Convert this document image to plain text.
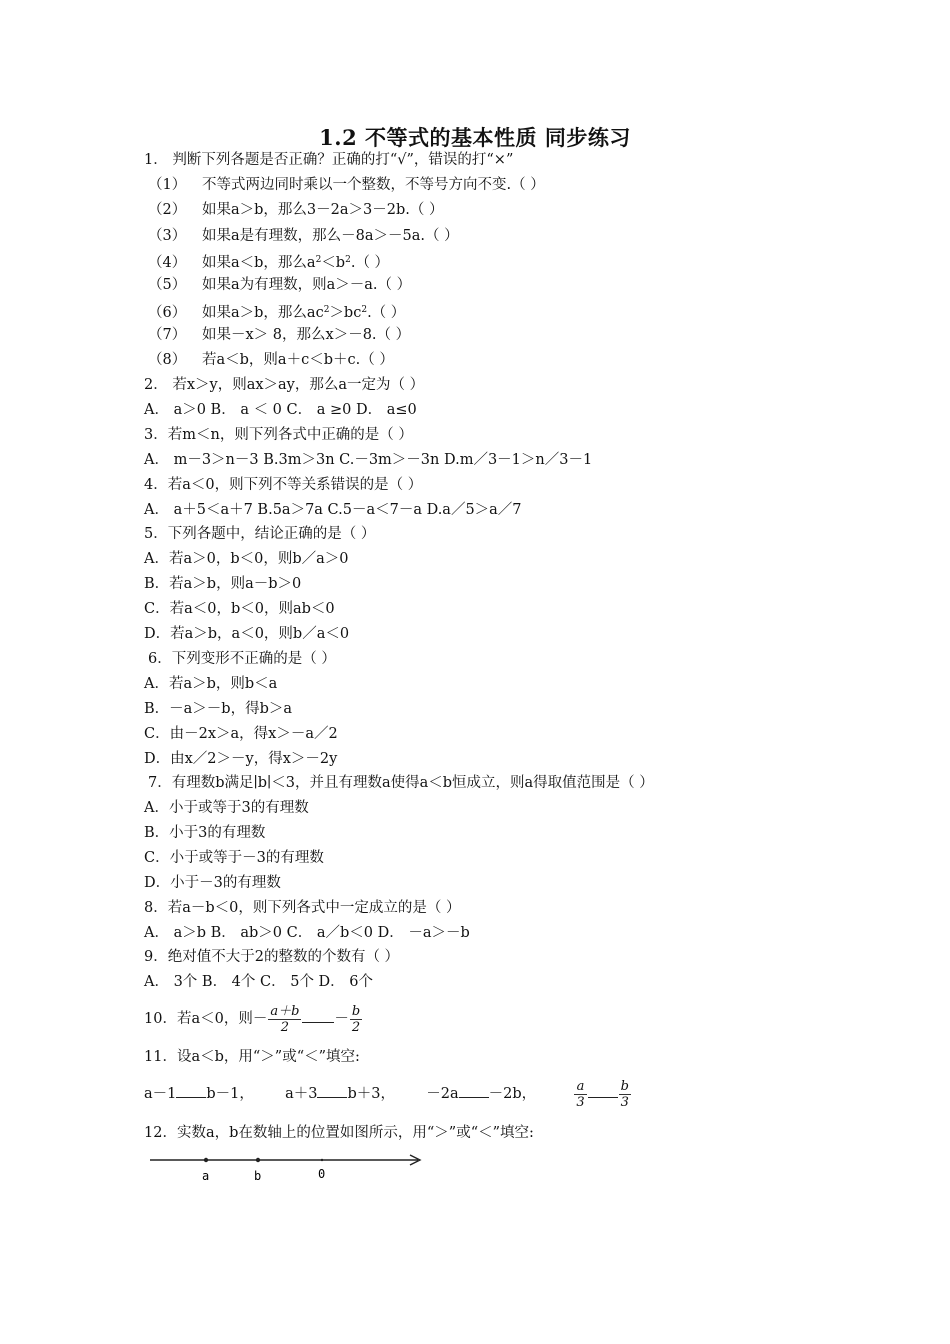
1.2 不等式的基本性质 同步练习
1． 判断下列各题是否正确？正确的打“√”，错误的打“×”
（1） 不等式两边同时乘以一个整数，不等号方向不变.（ ）
（2） 如果a＞b，那么3－2a＞3－2b.（ ）
（3） 如果a是有理数，那么－8a＞－5a.（ ）
（4） 如果a＜b，那么$a^2<b^2$.（ ）
（5） 如果a为有理数，则a＞－a.（ ）
（6） 如果a＞b，那么$ac^2>bc^2$.（ ）
（7） 如果－x＞ 8，那么x＞－8.（ ）
（8） 若a＜b，则a＋c＜b＋c.（ ）
2． 若x＞y，则ax＞ay，那么a一定为（ ）
A． a＞0 B． a ＜ 0 C． a ≥0 D． a≤0
3．若m＜n，则下列各式中正确的是（ ）
A． m－3＞n－3 B.3m＞3n C.－3m＞－3n D.m／3－1＞n／3－1
4．若a＜0，则下列不等关系错误的是（ ）
A． a＋5＜a＋7 B.5a＞7a C.5－a＜7－a D.a／5＞a／7
5．下列各题中，结论正确的是（ ）
A．若a＞0，b＜0，则b／a＞0
B．若a＞b，则a－b＞0
C．若a＜0，b＜0，则ab＜0
D．若a＞b，a＜0，则b／a＜0
6．下列变形不正确的是（ ）
A．若a＞b，则b＜a
B．－a＞－b，得b＞a
C．由－2x＞a，得x＞－a／2
D．由x／2＞－y，得x＞－2y
7．有理数b满足∣b∣＜3，并且有理数a使得a＜b恒成立，则a得取值范围是（ ）
A．小于或等于3的有理数
B．小于3的有理数
C．小于或等于－3的有理数
D．小于－3的有理数
8．若a－b＜0，则下列各式中一定成立的是（ ）
A． a＞b B． ab＞0 C． a／b＜0 D． －a＞－b
9．绝对值不大于2的整数的个数有（ ）
A． 3个 B． 4个 C． 5个 D． 6个
10．若a＜0，则－ $\frac{a+b}{2} - \frac{b}{2}$
11．设a＜b，用“＞”或“＜”填空:
a－1 b－1， a＋3 b＋3， －2a －2b，	$\frac{a}{3} \frac{b}{3}$
12．实数a，b在数轴上的位置如图所示，用“＞”或“＜”填空:
a	b	0
